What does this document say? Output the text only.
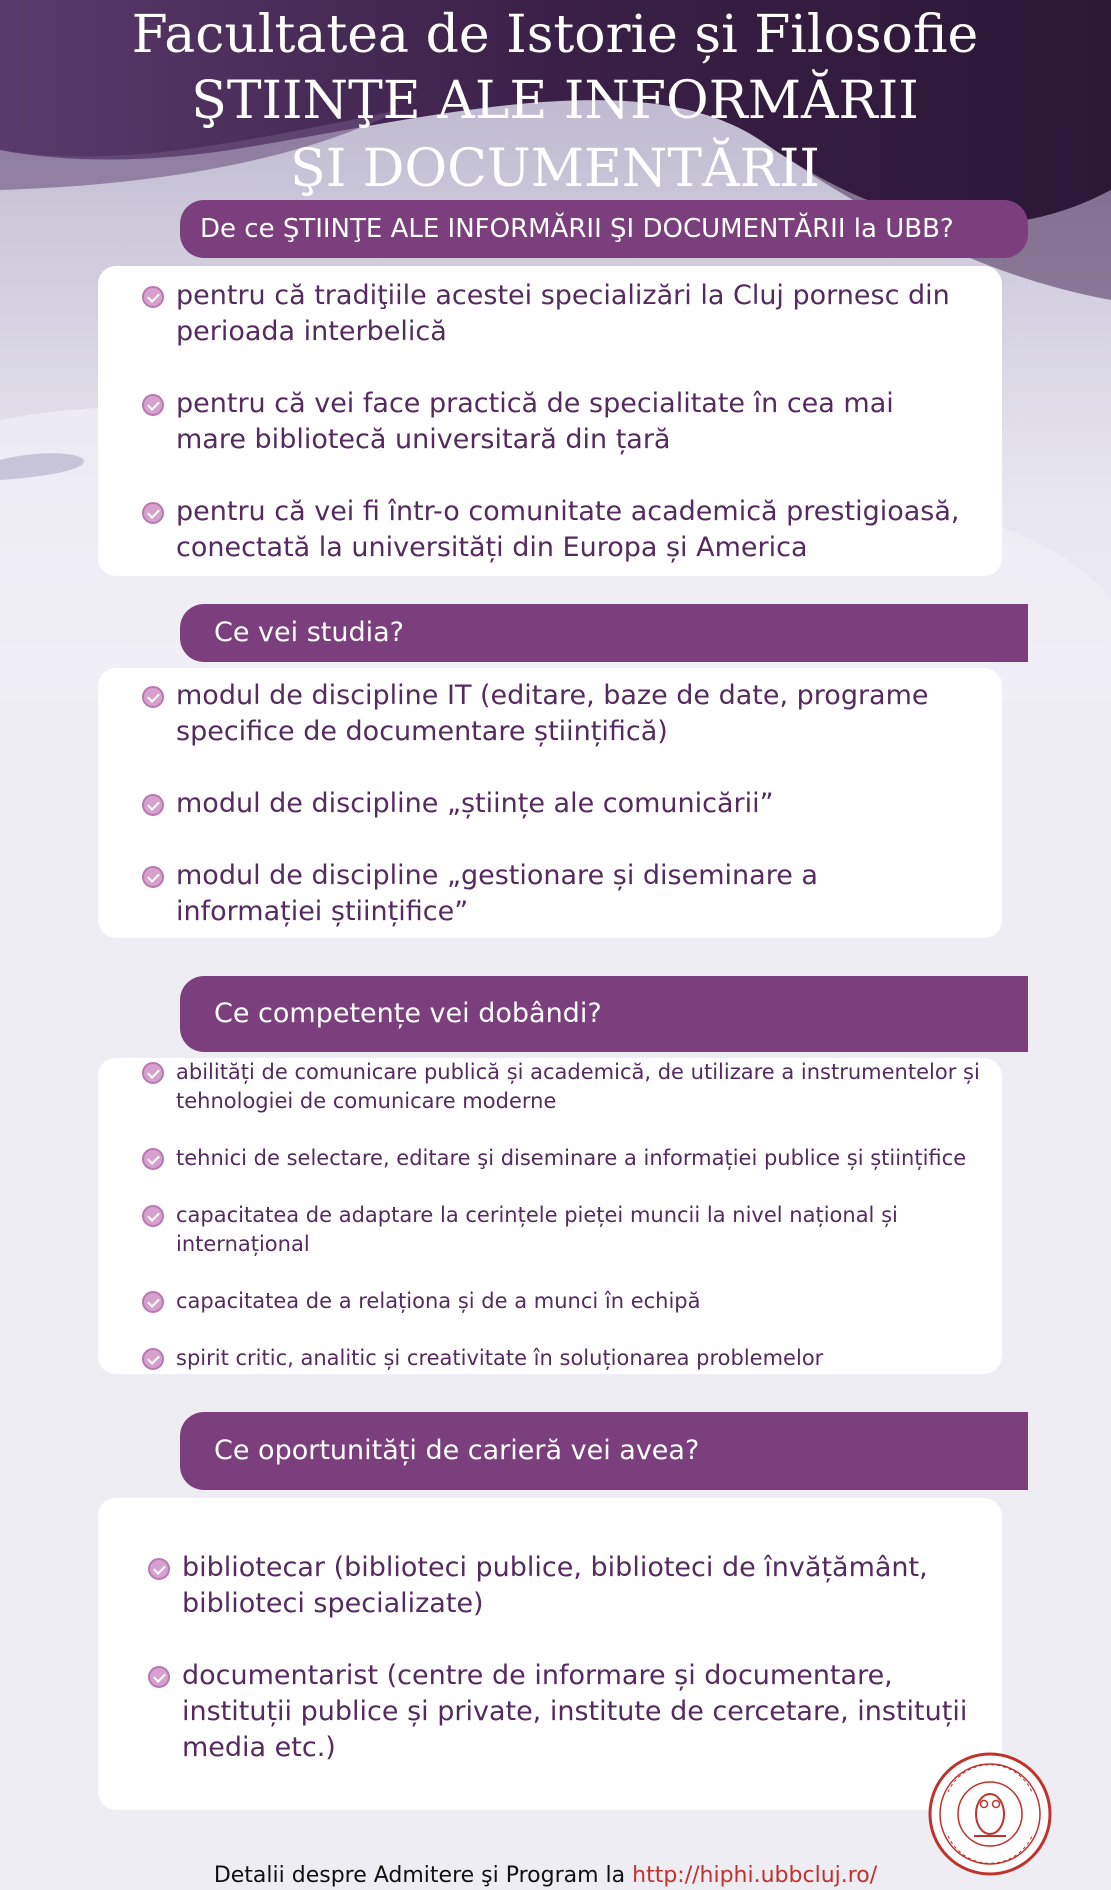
Facultatea de Istorie și Filosofie
ŞTIINŢE ALE INFORMĂRII
ŞI DOCUMENTĂRII
De ce ŞTIINŢE ALE INFORMĂRII ŞI DOCUMENTĂRII la UBB?
pentru că tradiţiile acestei specializări la Cluj pornesc din perioada interbelică
pentru că vei face practică de specialitate în cea mai mare bibliotecă universitară din țară
pentru că vei fi într-o comunitate academică prestigioasă, conectată la universități din Europa și America
Ce vei studia?
modul de discipline IT (editare, baze de date, programe specifice de documentare științifică)
modul de discipline „științe ale comunicării”
modul de discipline „gestionare și diseminare a informației științifice”
Ce competențe vei dobândi?
abilități de comunicare publică și academică, de utilizare a instrumentelor și tehnologiei de comunicare moderne
tehnici de selectare, editare şi diseminare a informației publice și științifice
capacitatea de adaptare la cerințele pieței muncii la nivel național și internațional
capacitatea de a relaționa și de a munci în echipă
spirit critic, analitic și creativitate în soluționarea problemelor
Ce oportunități de carieră vei avea?
bibliotecar (biblioteci publice, biblioteci de învățământ, biblioteci specializate)
documentarist (centre de informare și documentare, instituții publice și private, institute de cercetare, instituții media etc.)
Detalii despre Admitere şi Program la http://hiphi.ubbcluj.ro/
